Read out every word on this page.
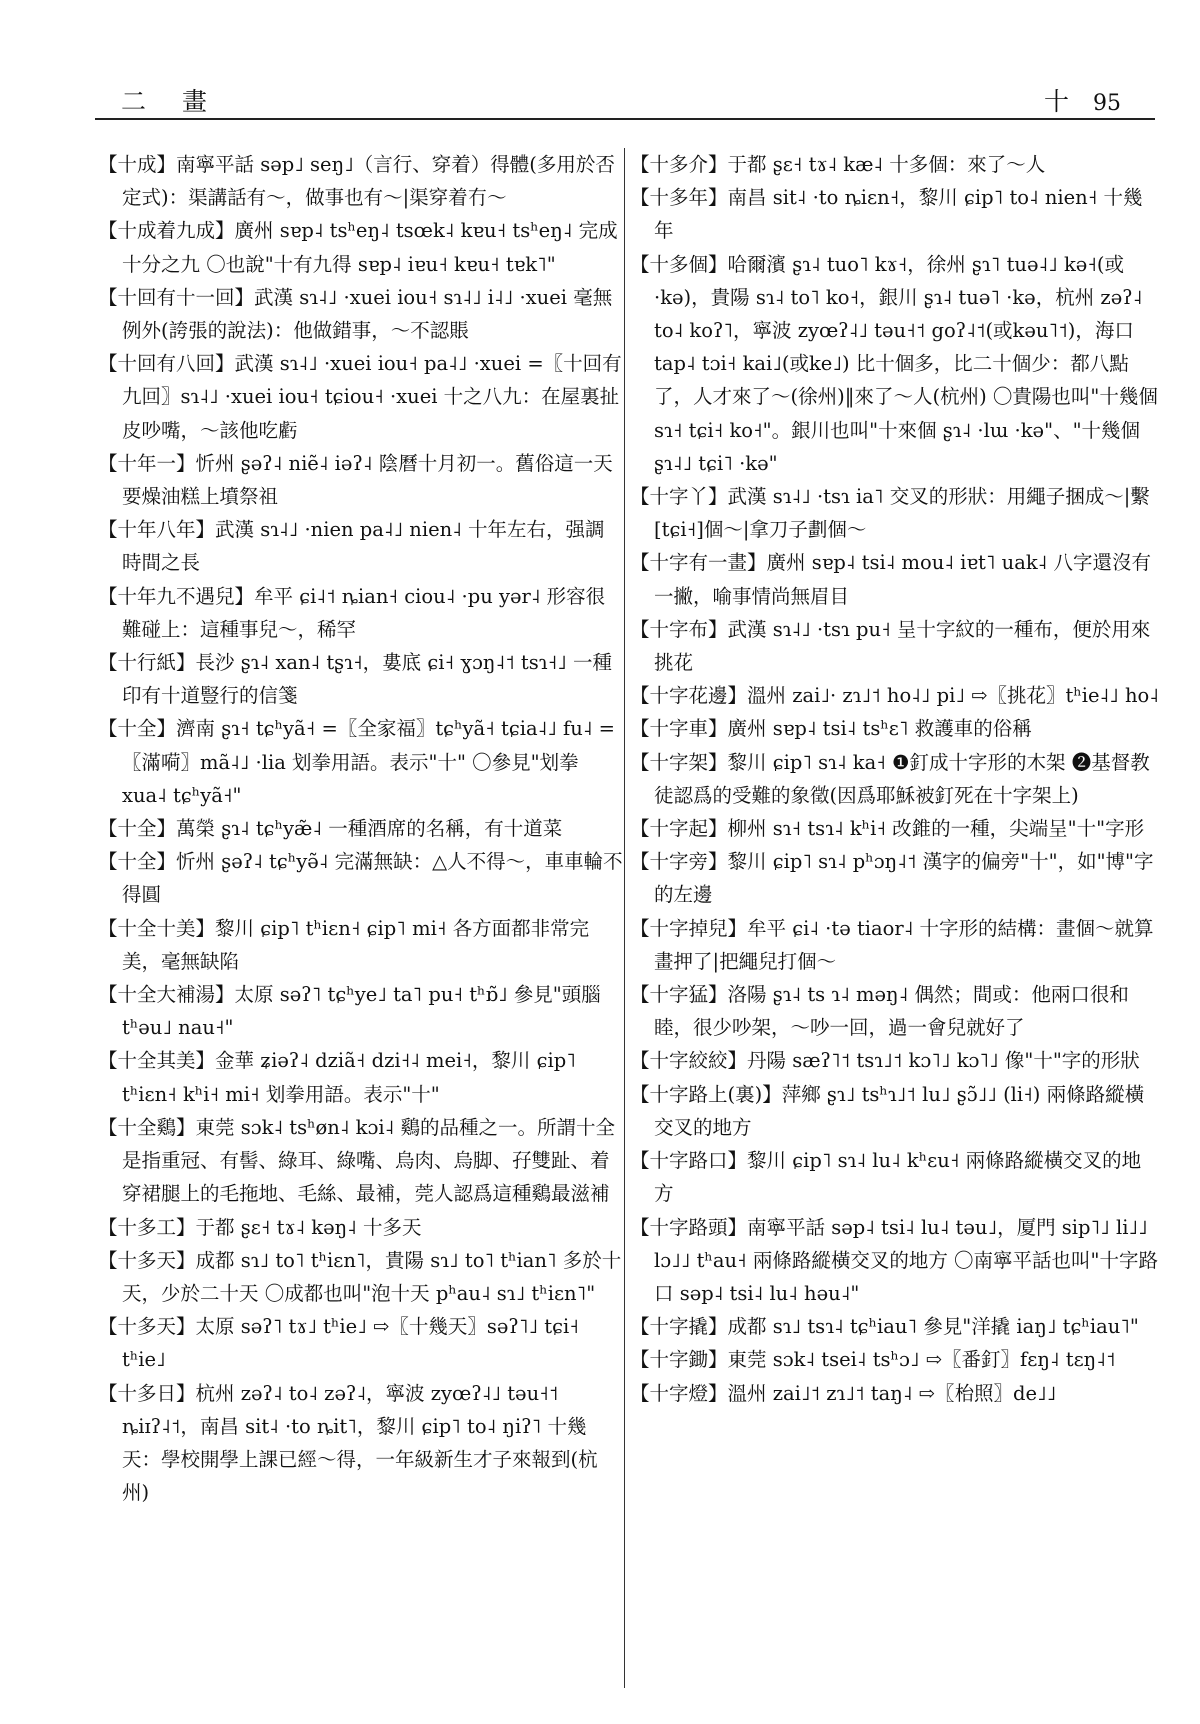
二 畫	十 95

【十成】南寧平話 səp˩ seŋ˩（言行、穿着）得體(多用於否定式)：渠講話有～，做事也有～|渠穿着冇～

【十成着九成】廣州 sɐp˨ tsʰeŋ˨ tsœk˨ kɐu˧ tsʰeŋ˨ 完成十分之九 〇也說"十有九得 sɐp˨ iɐu˧ kɐu˧ tɐk˥"

【十回有十一回】武漢 sɿ˨˩ ·xuei iou˧ sɿ˨˩ i˨˩ ·xuei 毫無例外(誇張的說法)：他做錯事，～不認賬

【十回有八回】武漢 sɿ˨˩ ·xuei iou˧ pa˨˩ ·xuei =〖十回有九回〗sɿ˨˩ ·xuei iou˧ tɕiou˧ ·xuei 十之八九：在屋裏扯皮吵嘴，～該他吃虧

【十年一】忻州 ʂəʔ˨ niẽ˨ iəʔ˨ 陰曆十月初一。舊俗這一天要燥油糕上墳祭祖

【十年八年】武漢 sɿ˨˩ ·nien pa˨˩ nien˨ 十年左右，强調時間之長

【十年九不遇兒】牟平 ɕi˨˦ ȵian˧ ciou˨ ·pu yər˨ 形容很難碰上：這種事兒～，稀罕

【十行紙】長沙 ʂɿ˨ xan˨ tʂɿ˧，婁底 ɕi˧ ɣɔŋ˨˦ tsɿ˧˩ 一種印有十道豎行的信箋

【十全】濟南 ʂɿ˧ tɕʰyã˧ =〖全家福〗tɕʰyã˧ tɕia˨˩ fu˨ =〖滿嗬〗mã˨˩ ·lia 划拳用語。表示"十" 〇參見"划拳 xua˨ tɕʰyã˧"

【十全】萬榮 ʂɿ˨ tɕʰyæ̃˨ 一種酒席的名稱，有十道菜

【十全】忻州 ʂəʔ˨ tɕʰyə̃˨ 完滿無缺：△人不得～，車車輪不得圓

【十全十美】黎川 ɕip˥ tʰiɛn˧ ɕip˥ mi˧ 各方面都非常完美，毫無缺陷

【十全大補湯】太原 səʔ˥ tɕʰye˩ ta˥ pu˧ tʰɒ̃˩ 參見"頭腦 tʰəu˩ nau˧"

【十全其美】金華 ʑiəʔ˨ dziã˧ dzi˧˨ mei˧，黎川 ɕip˥ tʰiɛn˧ kʰi˧ mi˧ 划拳用語。表示"十"

【十全鷄】東莞 sɔk˨ tsʰøn˨ kɔi˨ 鷄的品種之一。所謂十全是指重冠、有髻、綠耳、綠嘴、烏肉、烏脚、孖雙趾、着穿裙腿上的毛拖地、毛絲、最補，莞人認爲這種鷄最滋補

【十多工】于都 ʂɛ˧ tɤ˨ kəŋ˨ 十多天

【十多天】成都 sɿ˩ to˥ tʰiɛn˥，貴陽 sɿ˩ to˥ tʰian˥ 多於十天，少於二十天 〇成都也叫"泡十天 pʰau˨ sɿ˩ tʰiɛn˥"

【十多天】太原 səʔ˥ tɤ˩ tʰie˩ ⇨〖十幾天〗səʔ˥˩ tɕi˧ tʰie˩

【十多日】杭州 zəʔ˨ to˨ zəʔ˨，寧波 zyœʔ˨˩ təu˧˦ ȵiɪʔ˨˦，南昌 sit˨ ·to ȵit˥，黎川 ɕip˥ to˨ ŋiʔ˥ 十幾天：學校開學上課已經～得，一年級新生才子來報到(杭州)

【十多介】于都 ʂɛ˧ tɤ˨ kæ˨ 十多個：來了～人

【十多年】南昌 sit˨ ·to ȵiɛn˧，黎川 ɕip˥ to˨ nien˧ 十幾年

【十多個】哈爾濱 ʂɿ˨ tuo˥ kɤ˧，徐州 ʂɿ˥ tuə˨˩ kə˧(或·kə)，貴陽 sɿ˨ to˥ ko˧，銀川 ʂɿ˨ tuə˥ ·kə，杭州 zəʔ˨ to˨ koʔ˥，寧波 zyœʔ˨˩ təu˧˦ goʔ˨˦(或kəu˥˦)，海口 tap˨ tɔi˧ kai˩(或ke˩) 比十個多，比二十個少：都八點了，人才來了～(徐州)‖來了～人(杭州) 〇貴陽也叫"十幾個 sɿ˧ tɕi˧ ko˧"。銀川也叫"十來個 ʂɿ˨ ·lɯ ·kə"、"十幾個 ʂɿ˨˩ tɕi˥ ·kə"

【十字丫】武漢 sɿ˨˩ ·tsɿ ia˥ 交叉的形狀：用繩子捆成～|繫[tɕi˧]個～|拿刀子劃個～

【十字有一畫】廣州 sɐp˨ tsi˨ mou˨ iɐt˥ uak˨ 八字還沒有一撇，喻事情尚無眉目

【十字布】武漢 sɿ˨˩ ·tsɿ pu˧ 呈十字紋的一種布，便於用來挑花

【十字花邊】溫州 zai˩· zɿ˩˦ ho˨˩ pi˩ ⇨〖挑花〗tʰie˨˩ ho˨

【十字車】廣州 sɐp˨ tsi˨ tsʰɛ˥ 救護車的俗稱

【十字架】黎川 ɕip˥ sɿ˨ ka˧ ❶釘成十字形的木架 ❷基督教徒認爲的受難的象徵(因爲耶穌被釘死在十字架上)

【十字起】柳州 sɿ˧ tsɿ˨ kʰi˧ 改錐的一種，尖端呈"十"字形

【十字旁】黎川 ɕip˥ sɿ˨ pʰɔŋ˨˦ 漢字的偏旁"十"，如"博"字的左邊

【十字掉兒】牟平 ɕi˨ ·tə tiaor˨ 十字形的結構：畫個～就算畫押了|把繩兒打個～

【十字猛】洛陽 ʂɿ˨ ts ɿ˨ məŋ˨ 偶然；間或：他兩口很和睦，很少吵架，～吵一回，過一會兒就好了

【十字絞絞】丹陽 sæʔ˥˦ tsɿ˩˦ kɔ˥˩ kɔ˥˩ 像"十"字的形狀

【十字路上(裏)】萍鄉 ʂɿ˩ tsʰɿ˩˦ lu˩ ʂɔ̃˩˩ (li˧) 兩條路縱橫交叉的地方

【十字路口】黎川 ɕip˥ sɿ˨ lu˨ kʰɛu˧ 兩條路縱橫交叉的地方

【十字路頭】南寧平話 səp˨ tsi˨ lu˨ təu˩，厦門 sip˥˩ li˩˩ lɔ˩˩ tʰau˧ 兩條路縱橫交叉的地方 〇南寧平話也叫"十字路口 səp˨ tsi˨ lu˨ həu˨"

【十字撬】成都 sɿ˩ tsɿ˨ tɕʰiau˥ 參見"洋撬 iaŋ˩ tɕʰiau˥"

【十字鋤】東莞 sɔk˨ tsei˨ tsʰɔ˩ ⇨〖番釘〗fɛŋ˨ tɛŋ˨˦

【十字燈】溫州 zai˩˦ zɿ˩˦ taŋ˨ ⇨〖枱照〗de˩˩
